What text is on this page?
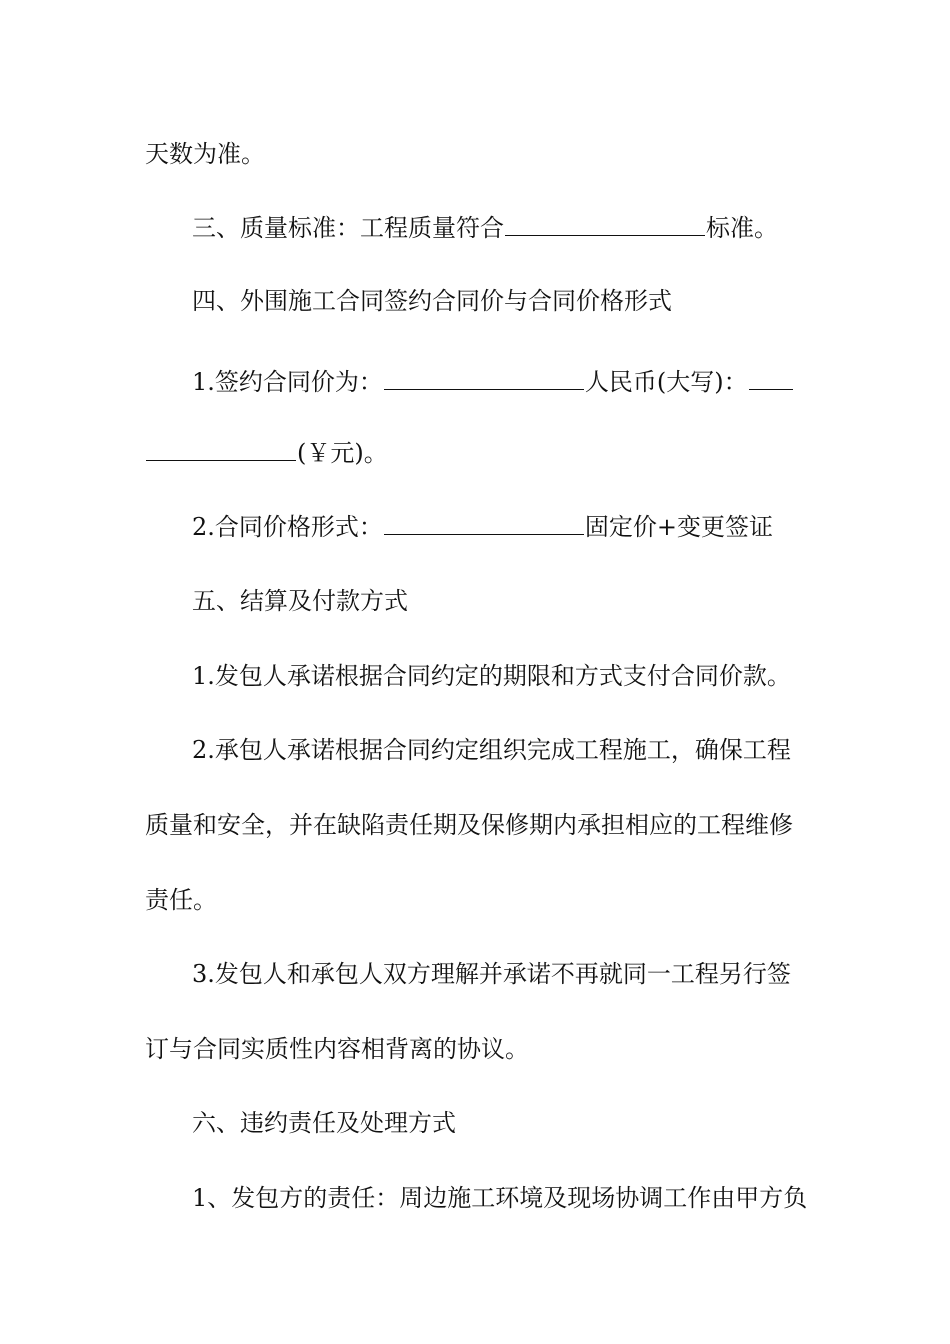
天数为准。
三、质量标准：工程质量符合	标准。
四、外围施工合同签约合同价与合同价格形式
1.签约合同价为：	人民币(大写)：
(￥元)。
2.合同价格形式：	固定价+变更签证
五、结算及付款方式
1.发包人承诺根据合同约定的期限和方式支付合同价款。
2.承包人承诺根据合同约定组织完成工程施工，确保工程
质量和安全，并在缺陷责任期及保修期内承担相应的工程维修
责任。
3.发包人和承包人双方理解并承诺不再就同一工程另行签
订与合同实质性内容相背离的协议。
六、违约责任及处理方式
1、发包方的责任：周边施工环境及现场协调工作由甲方负
